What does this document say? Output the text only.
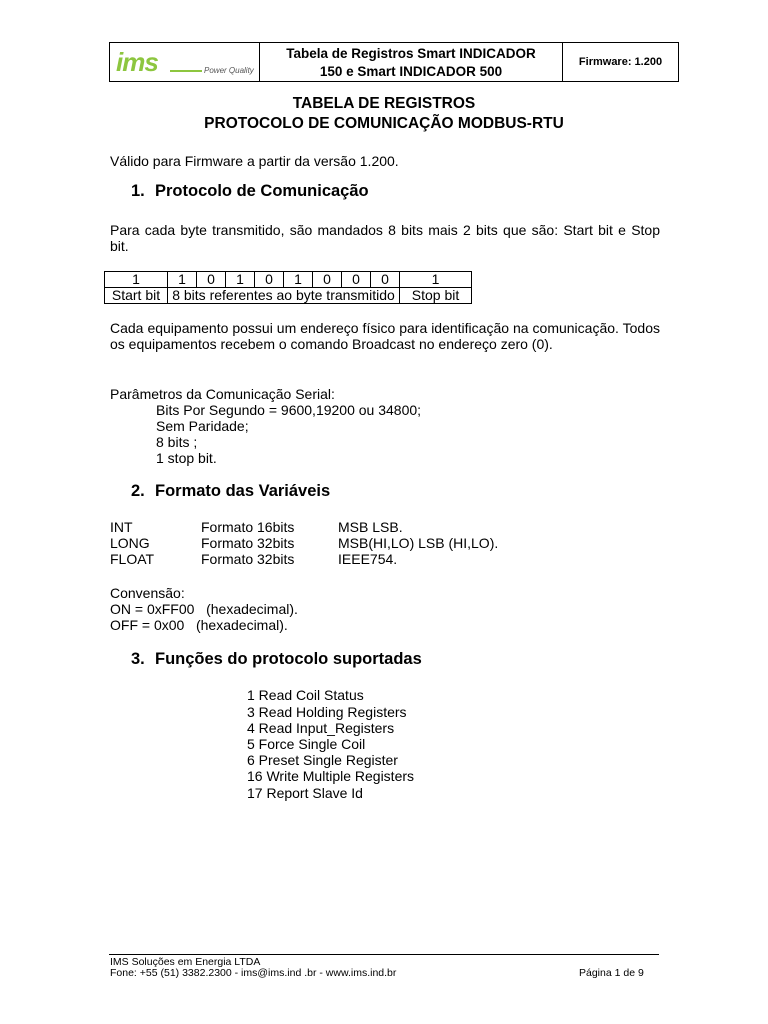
ims	Power Quality
Tabela de Registros Smart INDICADOR
150 e Smart INDICADOR 500
Firmware: 1.200
TABELA DE REGISTROS
PROTOCOLO DE COMUNICAÇÃO MODBUS-RTU
Válido para Firmware a partir da versão 1.200.
1. Protocolo de Comunicação
Para cada byte transmitido, são mandados 8 bits mais 2 bits que são: Start bit e Stop bit.
1	1	0	1	0	1	0	0	0	1
Start bit	8 bits referentes ao byte transmitido								Stop bit
Cada equipamento possui um endereço físico para identificação na comunicação. Todos os equipamentos recebem o comando Broadcast no endereço zero (0).
Parâmetros da Comunicação Serial:
Bits Por Segundo = 9600,19200 ou 34800;
Sem Paridade;
8 bits ;
1 stop bit.
2. Formato das Variáveis
INT	Formato 16bits	MSB LSB.
LONG	Formato 32bits	MSB(HI,LO) LSB (HI,LO).
FLOAT	Formato 32bits	IEEE754.
Convensão:
ON = 0xFF00   (hexadecimal).
OFF = 0x00   (hexadecimal).
3. Funções do protocolo suportadas
1 Read Coil Status
3 Read Holding Registers
4 Read Input_Registers
5 Force Single Coil
6 Preset Single Register
16 Write Multiple Registers
17 Report Slave Id
IMS Soluções em Energia LTDA
Fone: +55 (51) 3382.2300 - ims@ims.ind .br - www.ims.ind.br	Página 1 de 9
